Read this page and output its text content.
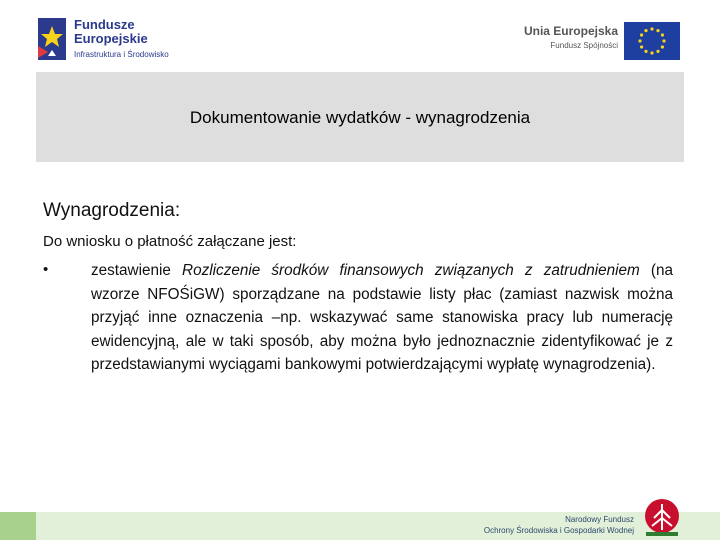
Fundusze
Europejskie
Infrastruktura i Środowisko
Unia Europejska
Fundusz Spójności
Dokumentowanie wydatków - wynagrodzenia
Wynagrodzenia:
Do wniosku o płatność załączane jest:
•	zestawienie Rozliczenie środków finansowych związanych z zatrudnieniem (na wzorze NFOŚiGW) sporządzane na podstawie listy płac (zamiast nazwisk można przyjąć inne oznaczenia –np. wskazywać same stanowiska pracy lub numerację ewidencyjną, ale w taki sposób, aby można było jednoznacznie zidentyfikować je z przedstawianymi wyciągami bankowymi potwierdzającymi wypłatę wynagrodzenia).
Narodowy Fundusz
Ochrony Środowiska i Gospodarki Wodnej
